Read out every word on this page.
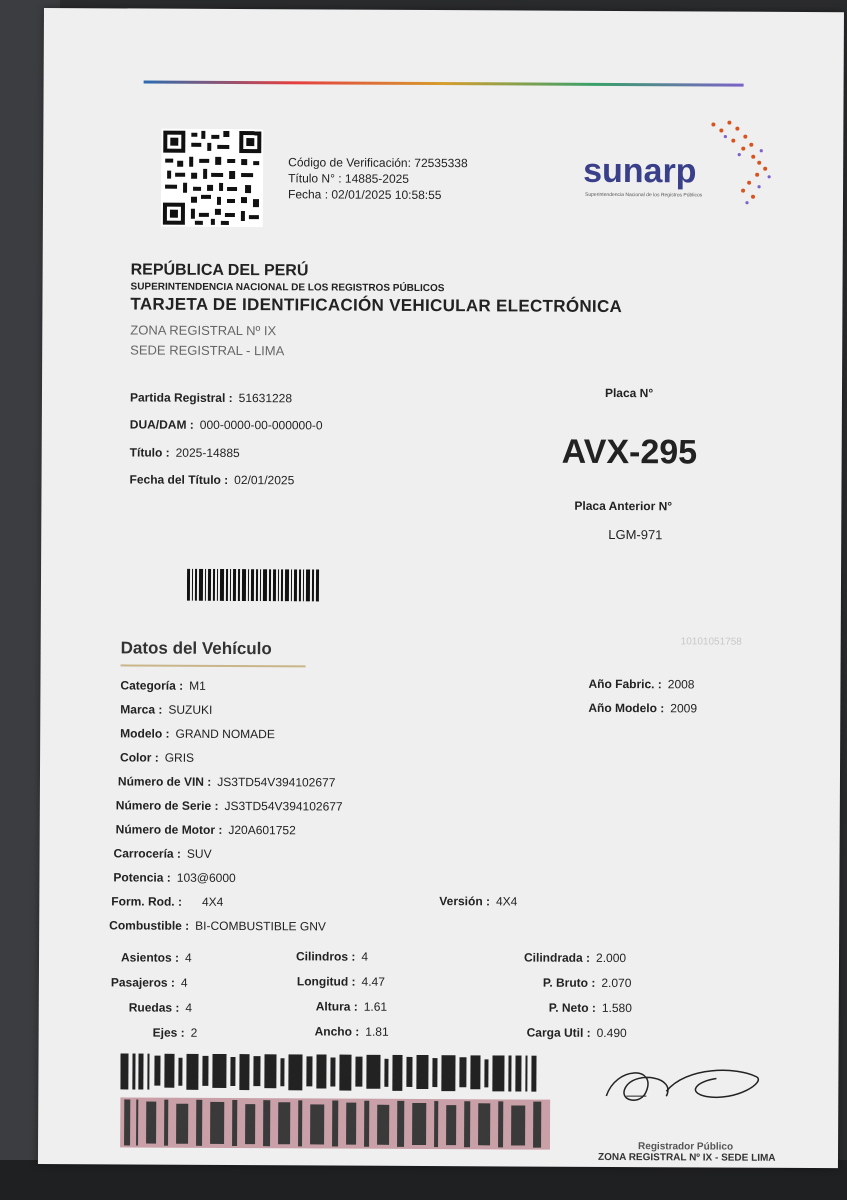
Código de Verificación: 72535338
Título N° : 14885-2025
Fecha : 02/01/2025 10:58:55
sunarp
Superintendencia Nacional de los Registros Públicos
REPÚBLICA DEL PERÚ
SUPERINTENDENCIA NACIONAL DE LOS REGISTROS PÚBLICOS
TARJETA DE IDENTIFICACIÓN VEHICULAR ELECTRÓNICA
ZONA REGISTRAL Nº IX
SEDE REGISTRAL - LIMA
Partida Registral : 51631228
DUA/DAM : 000-0000-00-000000-0
Título : 2025-14885
Fecha del Título : 02/01/2025
Placa N°
AVX-295
Placa Anterior N°
LGM-971
Datos del Vehículo	10101051758
Categoría : M1
Marca : SUZUKI
Modelo : GRAND NOMADE
Color : GRIS
Número de VIN : JS3TD54V394102677
Número de Serie : JS3TD54V394102677
Número de Motor : J20A601752
Carrocería : SUV
Potencia : 103@6000
Form. Rod. : 4X4	Versión : 4X4
Combustible : BI-COMBUSTIBLE GNV
Año Fabric. : 2008
Año Modelo : 2009
Asientos : 4
Pasajeros : 4
Ruedas : 4
Ejes : 2
Cilindros : 4
Longitud : 4.47
Altura : 1.61
Ancho : 1.81
Cilindrada : 2.000
P. Bruto : 2.070
P. Neto : 1.580
Carga Util : 0.490
Registrador Público
ZONA REGISTRAL Nº IX - SEDE LIMA
